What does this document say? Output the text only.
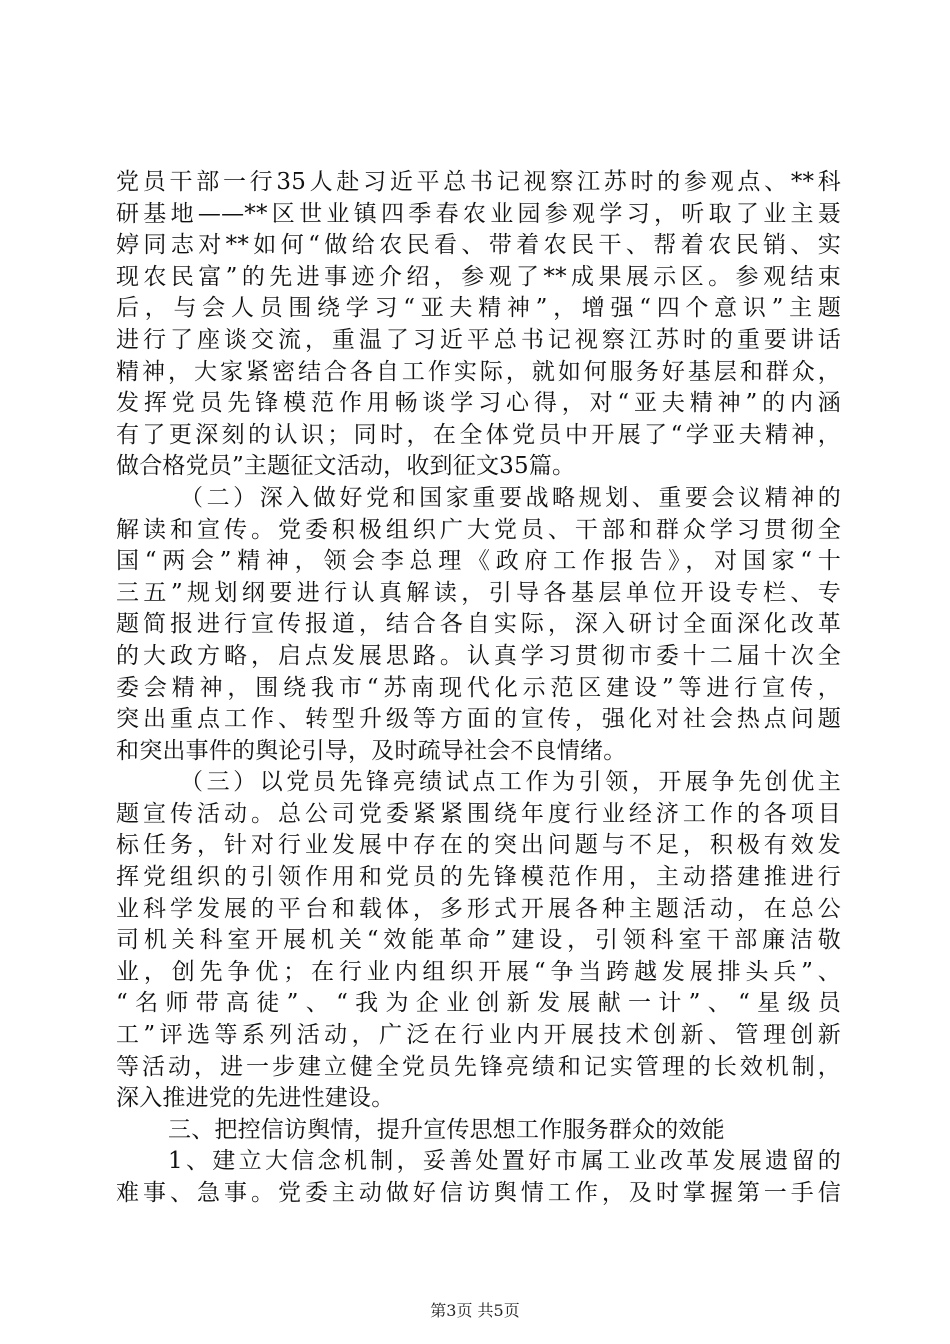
党员干部一行35人赴习近平总书记视察江苏时的参观点、**科
研基地——**区世业镇四季春农业园参观学习，听取了业主聂
婷同志对**如何“做给农民看、带着农民干、帮着农民销、实
现农民富”的先进事迹介绍，参观了**成果展示区。参观结束
后，与会人员围绕学习“亚夫精神”，增强“四个意识”主题
进行了座谈交流，重温了习近平总书记视察江苏时的重要讲话
精神，大家紧密结合各自工作实际，就如何服务好基层和群众，
发挥党员先锋模范作用畅谈学习心得，对“亚夫精神”的内涵
有了更深刻的认识；同时，在全体党员中开展了“学亚夫精神，
做合格党员”主题征文活动，收到征文35篇。
（二）深入做好党和国家重要战略规划、重要会议精神的
解读和宣传。党委积极组织广大党员、干部和群众学习贯彻全
国“两会”精神，领会李总理《政府工作报告》，对国家“十
三五”规划纲要进行认真解读，引导各基层单位开设专栏、专
题简报进行宣传报道，结合各自实际，深入研讨全面深化改革
的大政方略，启点发展思路。认真学习贯彻市委十二届十次全
委会精神，围绕我市“苏南现代化示范区建设”等进行宣传，
突出重点工作、转型升级等方面的宣传，强化对社会热点问题
和突出事件的舆论引导，及时疏导社会不良情绪。
（三）以党员先锋亮绩试点工作为引领，开展争先创优主
题宣传活动。总公司党委紧紧围绕年度行业经济工作的各项目
标任务，针对行业发展中存在的突出问题与不足，积极有效发
挥党组织的引领作用和党员的先锋模范作用，主动搭建推进行
业科学发展的平台和载体，多形式开展各种主题活动，在总公
司机关科室开展机关“效能革命”建设，引领科室干部廉洁敬
业，创先争优；在行业内组织开展“争当跨越发展排头兵”、
“名师带高徒”、“我为企业创新发展献一计”、“星级员
工”评选等系列活动，广泛在行业内开展技术创新、管理创新
等活动，进一步建立健全党员先锋亮绩和记实管理的长效机制，
深入推进党的先进性建设。
三、把控信访舆情，提升宣传思想工作服务群众的效能
1、建立大信念机制，妥善处置好市属工业改革发展遗留的
难事、急事。党委主动做好信访舆情工作，及时掌握第一手信
第3页 共5页
